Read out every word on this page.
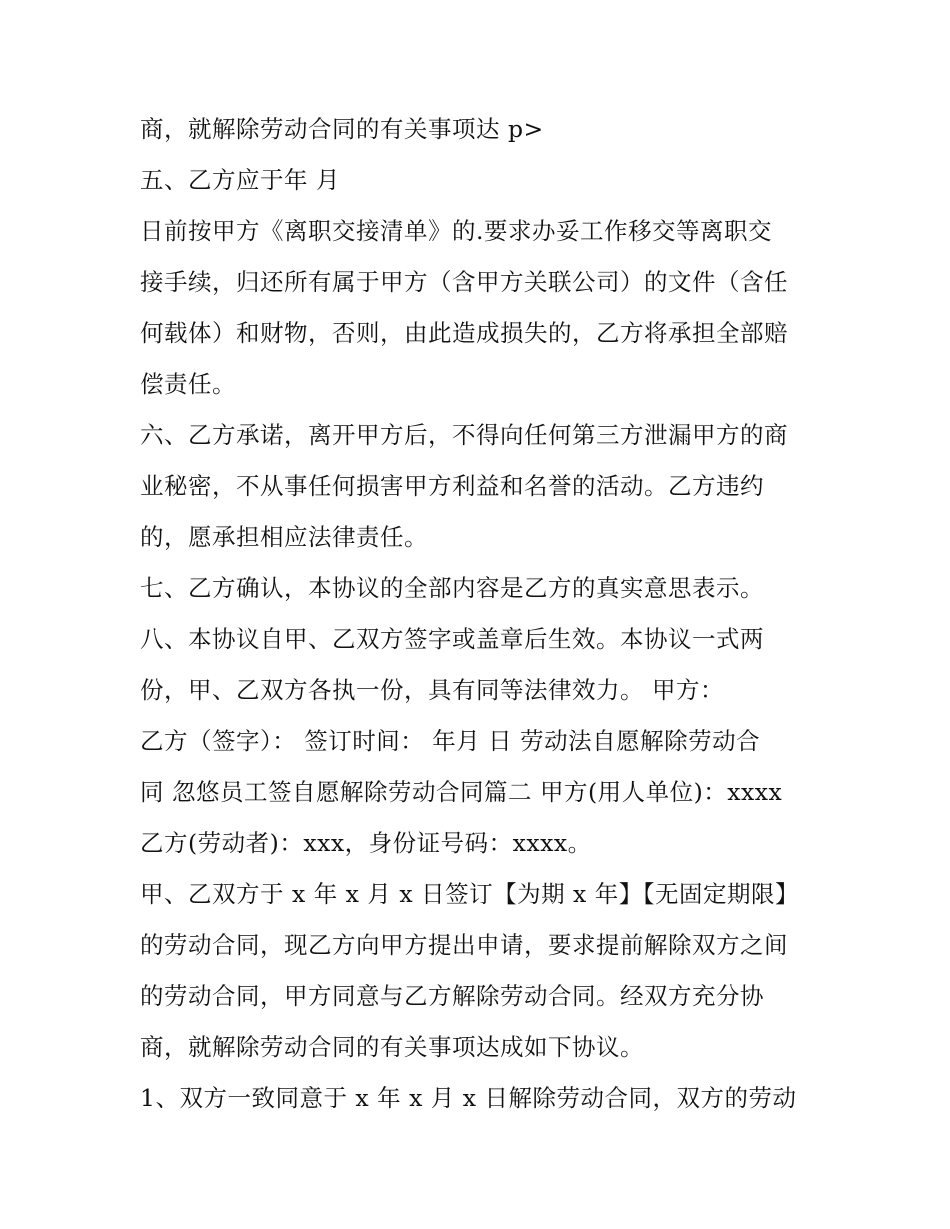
商，就解除劳动合同的有关事项达 p>
五、乙方应于年 月
日前按甲方《离职交接清单》的.要求办妥工作移交等离职交
接手续，归还所有属于甲方（含甲方关联公司）的文件（含任
何载体）和财物，否则，由此造成损失的，乙方将承担全部赔
偿责任。
六、乙方承诺，离开甲方后，不得向任何第三方泄漏甲方的商
业秘密，不从事任何损害甲方利益和名誉的活动。乙方违约
的，愿承担相应法律责任。
七、乙方确认，本协议的全部内容是乙方的真实意思表示。
八、本协议自甲、乙双方签字或盖章后生效。本协议一式两
份，甲、乙双方各执一份，具有同等法律效力。 甲方：
乙方（签字）： 签订时间： 年月 日 劳动法自愿解除劳动合
同 忽悠员工签自愿解除劳动合同篇二 甲方(用人单位)：xxxx
乙方(劳动者)：xxx，身份证号码：xxxx。
甲、乙双方于 x 年 x 月 x 日签订【为期 x 年】【无固定期限】
的劳动合同，现乙方向甲方提出申请，要求提前解除双方之间
的劳动合同，甲方同意与乙方解除劳动合同。经双方充分协
商，就解除劳动合同的有关事项达成如下协议。
1、双方一致同意于 x 年 x 月 x 日解除劳动合同，双方的劳动
